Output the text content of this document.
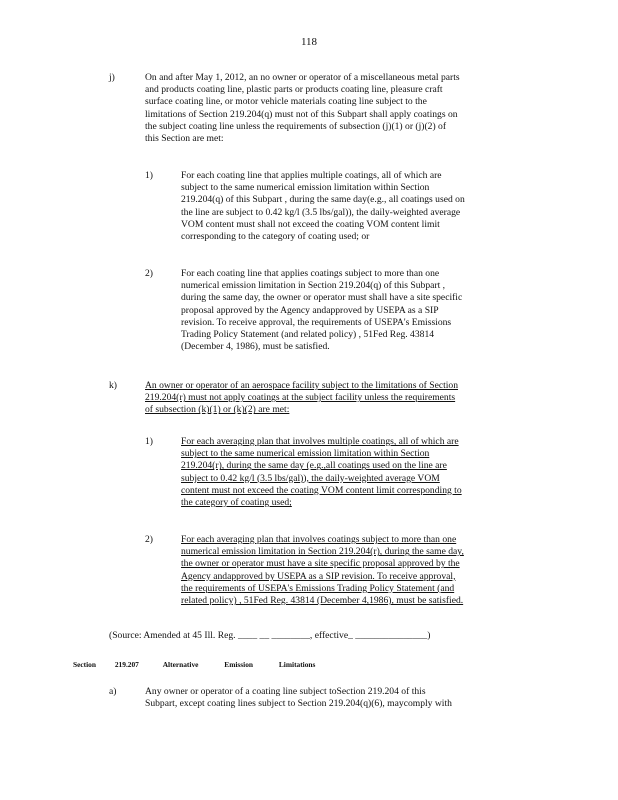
118
j)	On and after May 1, 2012, an no owner or operator of a miscellaneous metal parts
and products coating line, plastic parts or products coating line, pleasure craft
surface coating line, or motor vehicle materials coating line subject to the
limitations of Section 219.204(q) must not of this Subpart shall apply coatings on
the subject coating line unless the requirements of subsection (j)(1) or (j)(2) of
this Section are met:
1)	For each coating line that applies multiple coatings, all of which are
subject to the same numerical emission limitation within Section
219.204(q) of this Subpart , during the same day(e.g., all coatings used on
the line are subject to 0.42 kg/l (3.5 lbs/gal)), the daily-weighted average
VOM content must shall not exceed the coating VOM content limit
corresponding to the category of coating used; or
2)	For each coating line that applies coatings subject to more than one
numerical emission limitation in Section 219.204(q) of this Subpart ,
during the same day, the owner or operator must shall have a site specific
proposal approved by the Agency andapproved by USEPA as a SIP
revision. To receive approval, the requirements of USEPA's Emissions
Trading Policy Statement (and related policy) , 51Fed Reg. 43814
(December 4, 1986), must be satisfied.
k)	An owner or operator of an aerospace facility subject to the limitations of Section
219.204(r) must not apply coatings at the subject facility unless the requirements
of subsection (k)(1) or (k)(2) are met:
1)	For each averaging plan that involves multiple coatings, all of which are
subject to the same numerical emission limitation within Section
219.204(r), during the same day (e.g.,all coatings used on the line are
subject to 0.42 kg/l (3.5 lbs/gal)), the daily-weighted average VOM
content must not exceed the coating VOM content limit corresponding to
the category of coating used;
2)	For each averaging plan that involves coatings subject to more than one
numerical emission limitation in Section 219.204(r), during the same day,
the owner or operator must have a site specific proposal approved by the
Agency andapproved by USEPA as a SIP revision. To receive approval,
the requirements of USEPA's Emissions Trading Policy Statement (and
related policy) , 51Fed Reg. 43814 (December 4,1986), must be satisfied.
(Source: Amended at 45 Ill. Reg. ____ __ ________, effective_ _______________)
Section	219.207	Alternative Emission Limitations
a)	Any owner or operator of a coating line subject toSection 219.204 of this
Subpart, except coating lines subject to Section 219.204(q)(6), maycomply with
